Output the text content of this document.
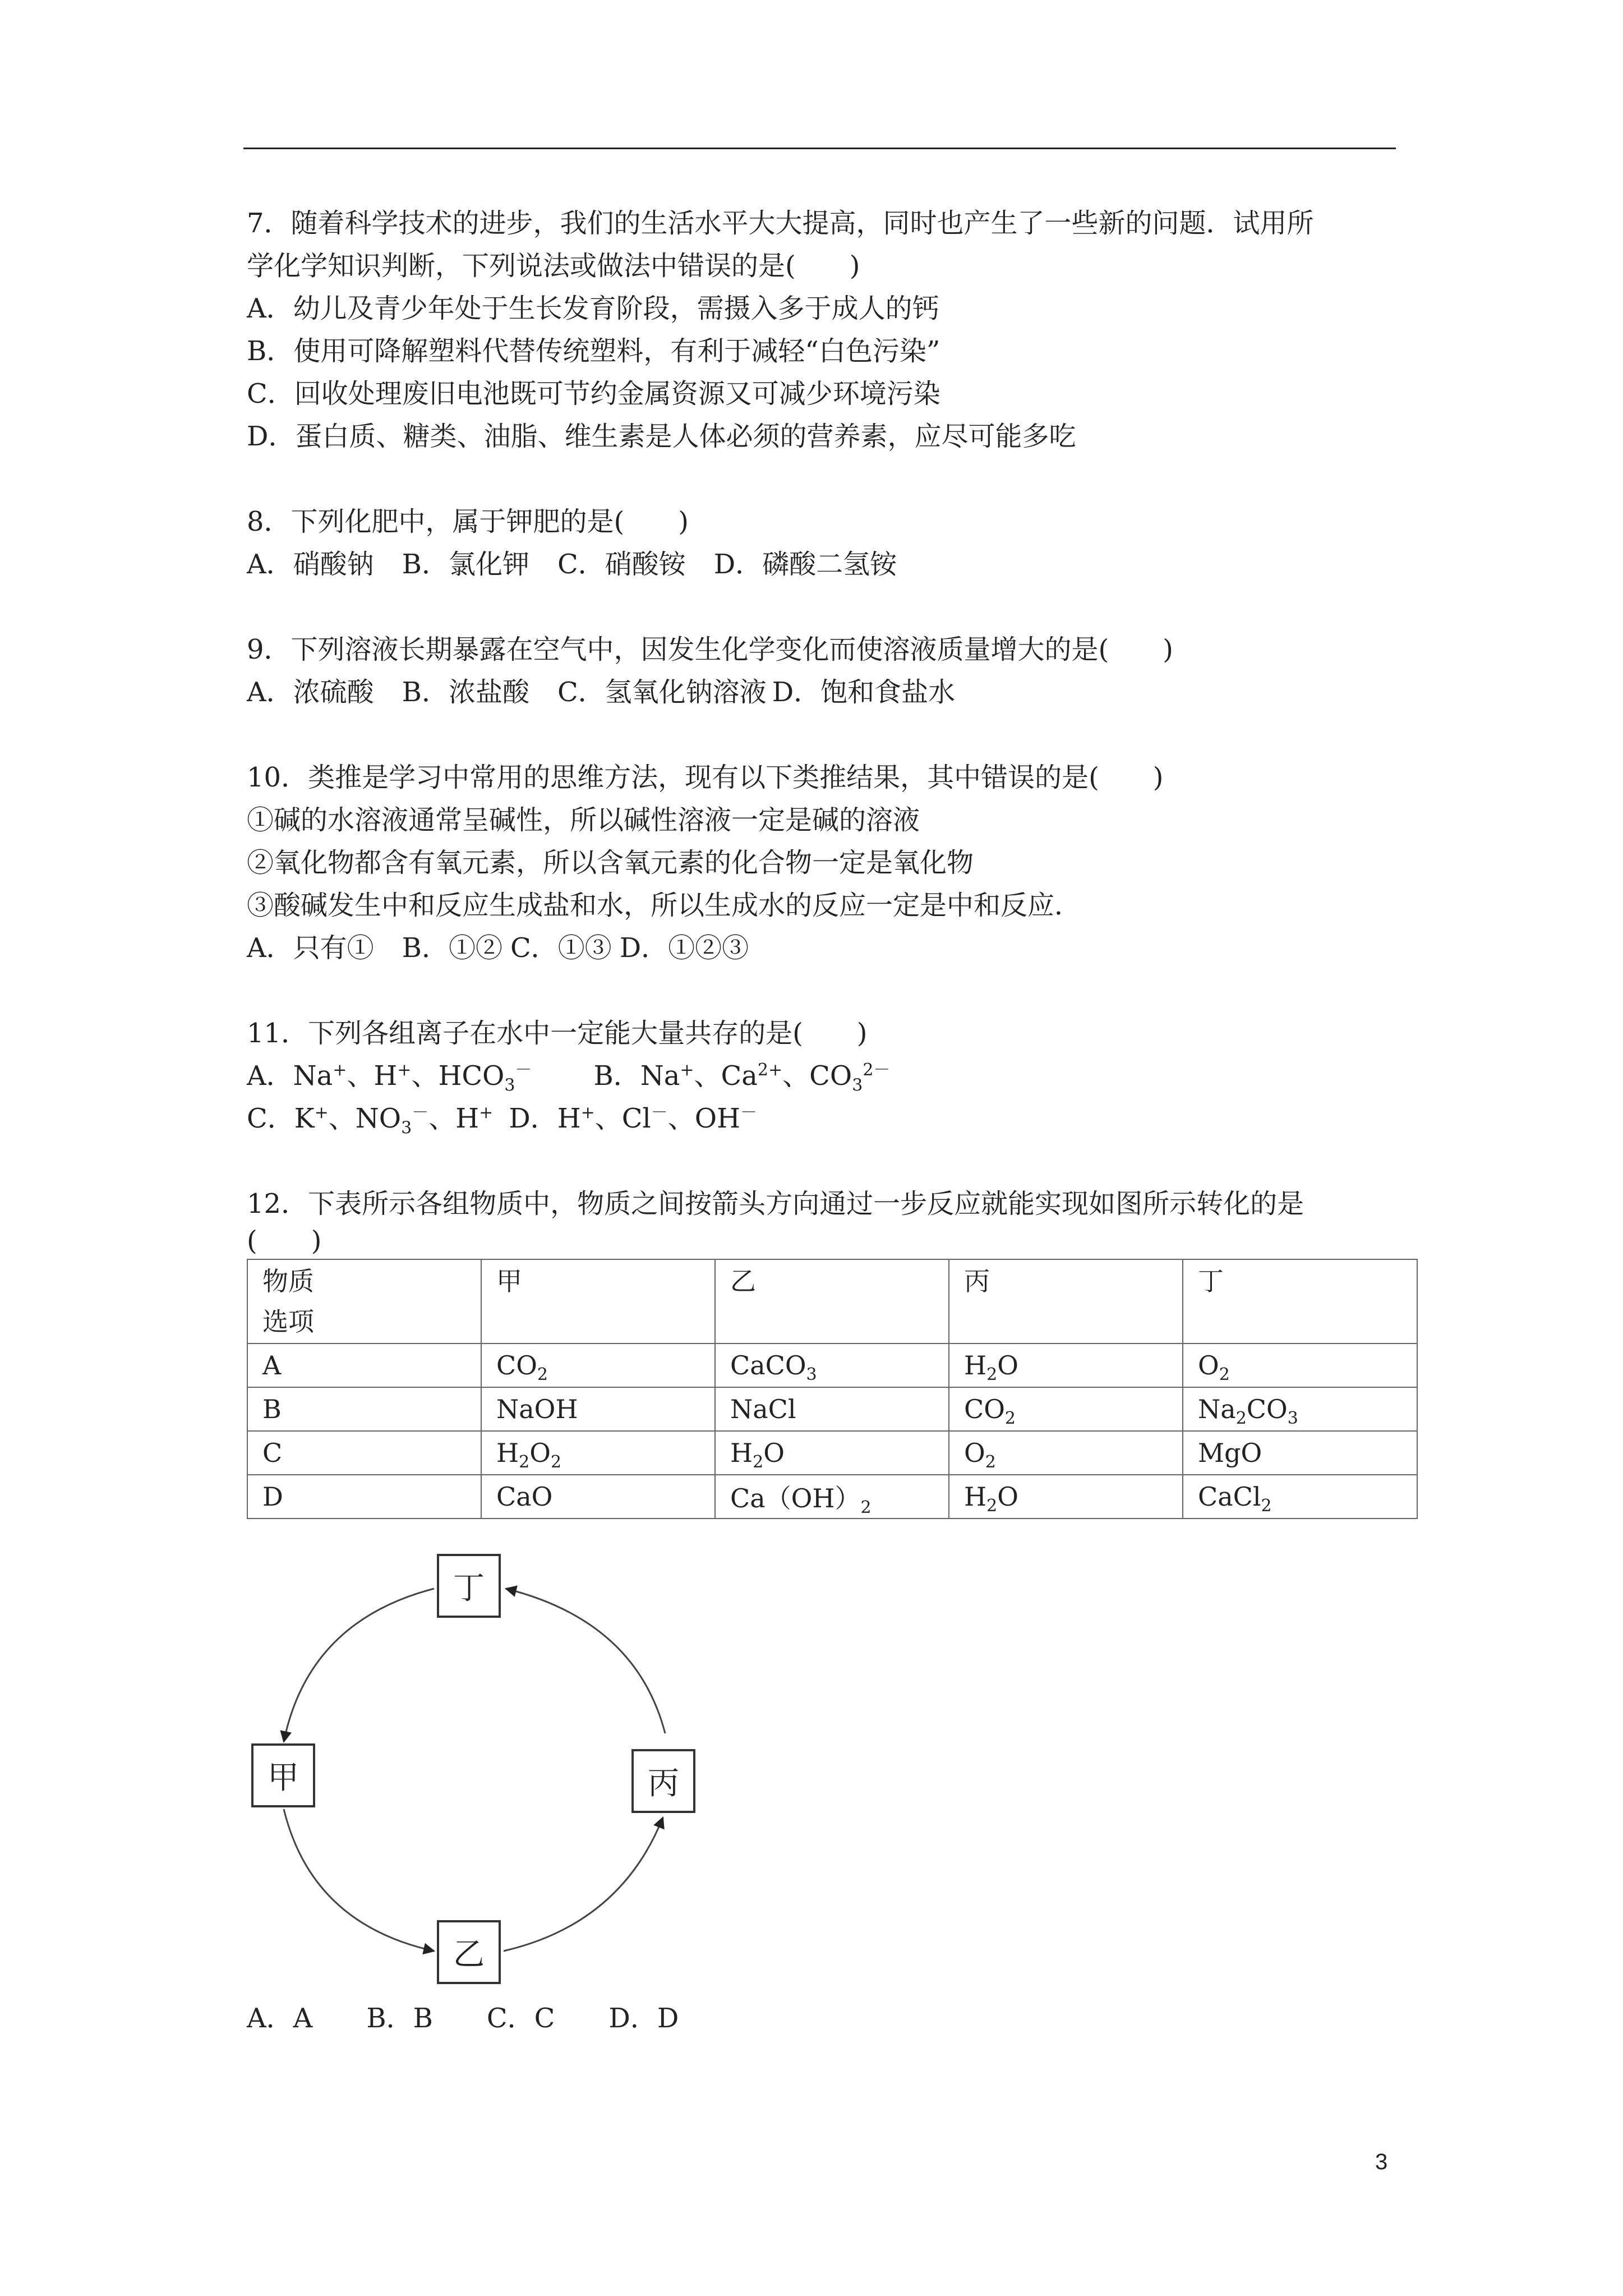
7．随着科学技术的进步，我们的生活水平大大提高，同时也产生了一些新的问题．试用所
学化学知识判断，下列说法或做法中错误的是(　　)
A．幼儿及青少年处于生长发育阶段，需摄入多于成人的钙
B．使用可降解塑料代替传统塑料，有利于减轻“白色污染”
C．回收处理废旧电池既可节约金属资源又可减少环境污染
D．蛋白质、糖类、油脂、维生素是人体必须的营养素，应尽可能多吃
8．下列化肥中，属于钾肥的是(　　)
A．硝酸钠 B．氯化钾 C．硝酸铵 D．磷酸二氢铵
9．下列溶液长期暴露在空气中，因发生化学变化而使溶液质量增大的是(　　)
A．浓硫酸 B．浓盐酸 C．氢氧化钠溶液 D．饱和食盐水
10．类推是学习中常用的思维方法，现有以下类推结果，其中错误的是(　　)
①碱的水溶液通常呈碱性，所以碱性溶液一定是碱的溶液
②氧化物都含有氧元素，所以含氧元素的化合物一定是氧化物
③酸碱发生中和反应生成盐和水，所以生成水的反应一定是中和反应．
A．只有① B．①② C．①③ D．①②③
11．下列各组离子在水中一定能大量共存的是(　　)
A．Na+、H+、$HCO_3^-$ B．Na+、$Ca^{2+}$、$CO_3^{2-}$
C．K+、$NO_3^-$、H+ D．H+、Cl－、OH－
12．下表所示各组物质中，物质之间按箭头方向通过一步反应就能实现如图所示转化的是
(　　)
物质
选项	甲	乙	丙	丁
A	$CO_2$	CaCO$_3$	$H_2O$	$O_2$
B	NaOH	NaCl	$CO_2$	$Na_2CO_3$
C	$H_2O_2$	$H_2O$	$O_2$	MgO
D	CaO	$Ca(OH)_2$	$H_2O$	CaCl$_2$
丁
甲	丙
乙
A．A　　B．B　　C．C　　D．D
3
